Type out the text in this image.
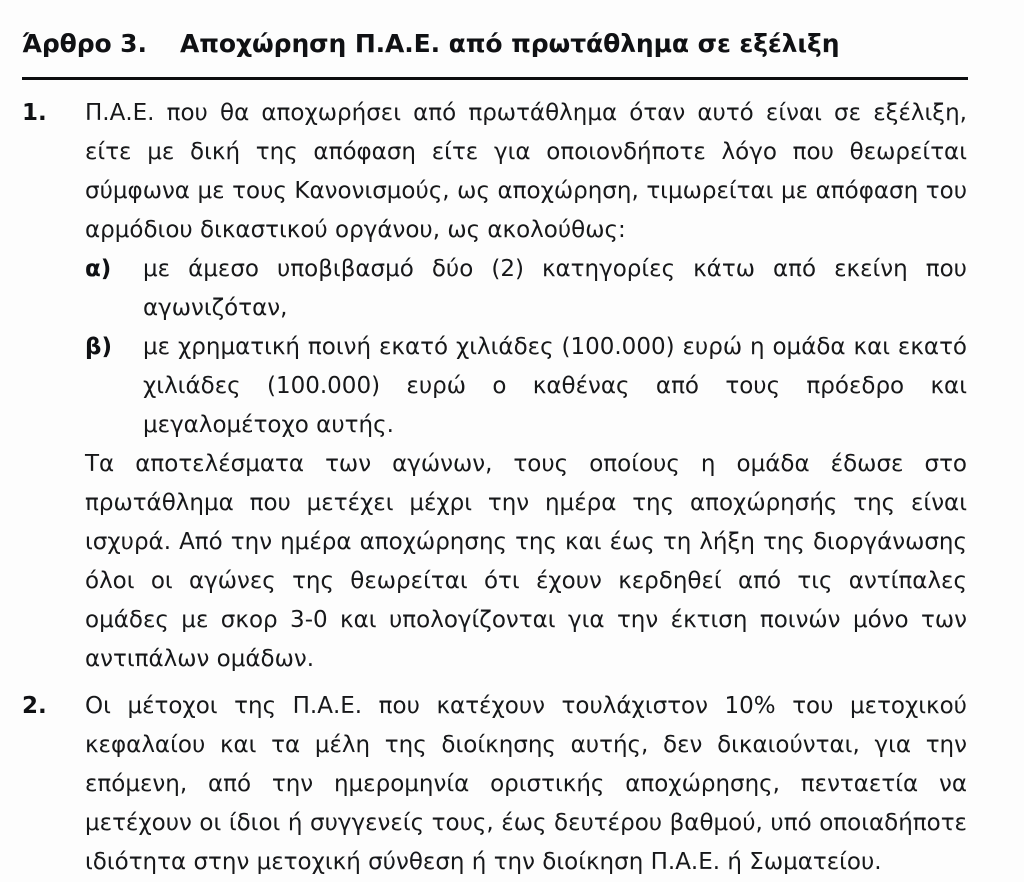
Άρθρο 3.	Αποχώρηση Π.Α.Ε. από πρωτάθλημα σε εξέλιξη
1. Π.Α.Ε. που θα αποχωρήσει από πρωτάθλημα όταν αυτό είναι σε εξέλιξη, είτε με δική της απόφαση είτε για οποιονδήποτε λόγο που θεωρείται σύμφωνα με τους Κανονισμούς, ως αποχώρηση, τιμωρείται με απόφαση του αρμόδιου δικαστικού οργάνου, ως ακολούθως:

α) με άμεσο υποβιβασμό δύο (2) κατηγορίες κάτω από εκείνη που αγωνιζόταν,

β) με χρηματική ποινή εκατό χιλιάδες (100.000) ευρώ η ομάδα και εκατό χιλιάδες (100.000) ευρώ ο καθένας από τους πρόεδρο και μεγαλομέτοχο αυτής.

Τα αποτελέσματα των αγώνων, τους οποίους η ομάδα έδωσε στο πρωτάθλημα που μετέχει μέχρι την ημέρα της αποχώρησής της είναι ισχυρά. Από την ημέρα αποχώρησης της και έως τη λήξη της διοργάνωσης όλοι οι αγώνες της θεωρείται ότι έχουν κερδηθεί από τις αντίπαλες ομάδες με σκορ 3-0 και υπολογίζονται για την έκτιση ποινών μόνο των αντιπάλων ομάδων.

2. Οι μέτοχοι της Π.Α.Ε. που κατέχουν τουλάχιστον 10% του μετοχικού κεφαλαίου και τα μέλη της διοίκησης αυτής, δεν δικαιούνται, για την επόμενη, από την ημερομηνία οριστικής αποχώρησης, πενταετία να μετέχουν οι ίδιοι ή συγγενείς τους, έως δευτέρου βαθμού, υπό οποιαδήποτε ιδιότητα στην μετοχική σύνθεση ή την διοίκηση Π.Α.Ε. ή Σωματείου.
